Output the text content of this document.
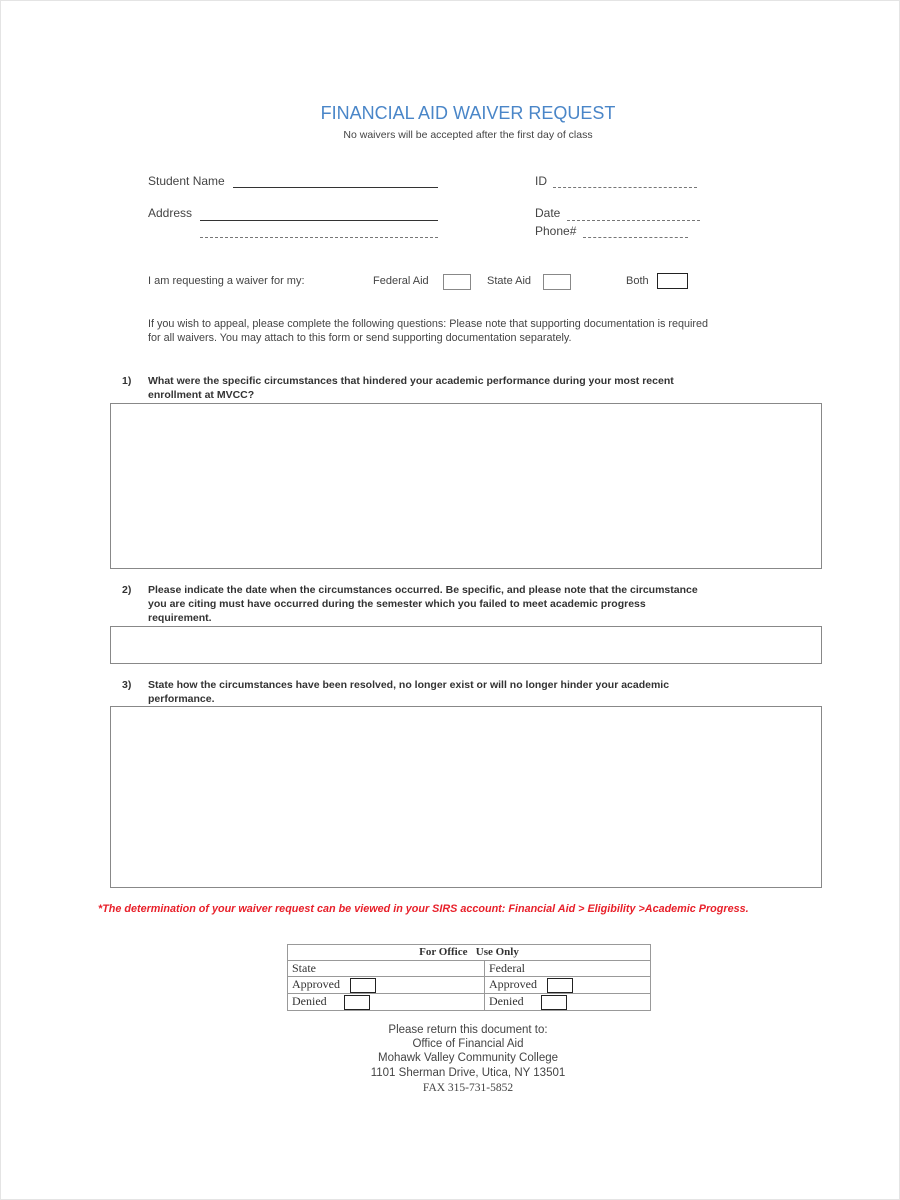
FINANCIAL AID WAIVER REQUEST
No waivers will be accepted after the first day of class
Student Name	ID
Address	Date
Phone#
I am requesting a waiver for my:	Federal Aid	State Aid	Both
If you wish to appeal, please complete the following questions: Please note that supporting documentation is required
for all waivers. You may attach to this form or send supporting documentation separately.
1) What were the specific circumstances that hindered your academic performance during your most recent
enrollment at MVCC?
2) Please indicate the date when the circumstances occurred. Be specific, and please note that the circumstance
you are citing must have occurred during the semester which you failed to meet academic progress
requirement.
3) State how the circumstances have been resolved, no longer exist or will no longer hinder your academic
performance.
*The determination of your waiver request can be viewed in your SIRS account: Financial Aid > Eligibility >Academic Progress.
For Office Use Only	
State	Federal
Approved	Approved
Denied	Denied
Please return this document to:
Office of Financial Aid
Mohawk Valley Community College
1101 Sherman Drive, Utica, NY 13501
FAX 315-731-5852
